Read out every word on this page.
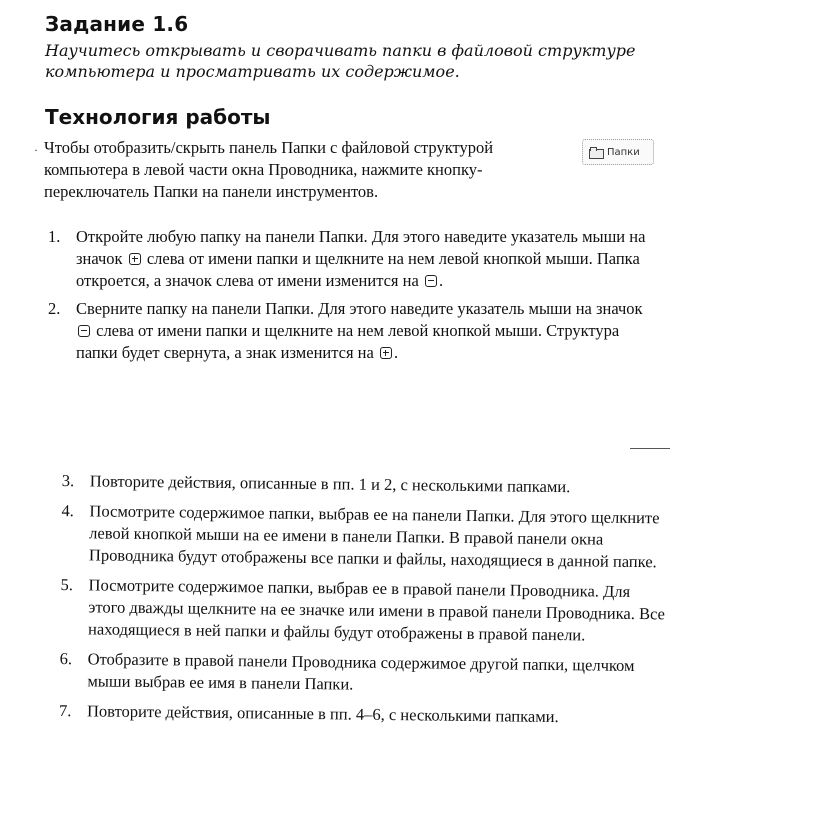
Задание 1.6
Научитесь открывать и сворачивать папки в файловой структуре компьютера и просматривать их содержимое.
Технология работы
· Чтобы отобразить/скрыть панель Папки с файловой структурой компьютера в левой части окна Проводника, нажмите кнопку-переключатель Папки на панели инструментов.
Папки
1. Откройте любую папку на панели Папки. Для этого наведите указатель мыши на значок слева от имени папки и щелкните на нем левой кнопкой мыши. Папка откроется, а значок слева от имени изменится на .
2. Сверните папку на панели Папки. Для этого наведите указатель мыши на значок
слева от имени папки и щелкните на нем левой кнопкой мыши. Структура папки будет свернута, а знак изменится на .
3. Повторите действия, описанные в пп. 1 и 2, с несколькими папками.
4. Посмотрите содержимое папки, выбрав ее на панели Папки. Для этого щелкните левой кнопкой мыши на ее имени в панели Папки. В правой панели окна Проводника будут отображены все папки и файлы, находящиеся в данной папке.
5. Посмотрите содержимое папки, выбрав ее в правой панели Проводника. Для этого дважды щелкните на ее значке или имени в правой панели Проводника. Все находящиеся в ней папки и файлы будут отображены в правой панели.
6. Отобразите в правой панели Проводника содержимое другой папки, щелчком мыши выбрав ее имя в панели Папки.
7. Повторите действия, описанные в пп. 4–6, с несколькими папками.
